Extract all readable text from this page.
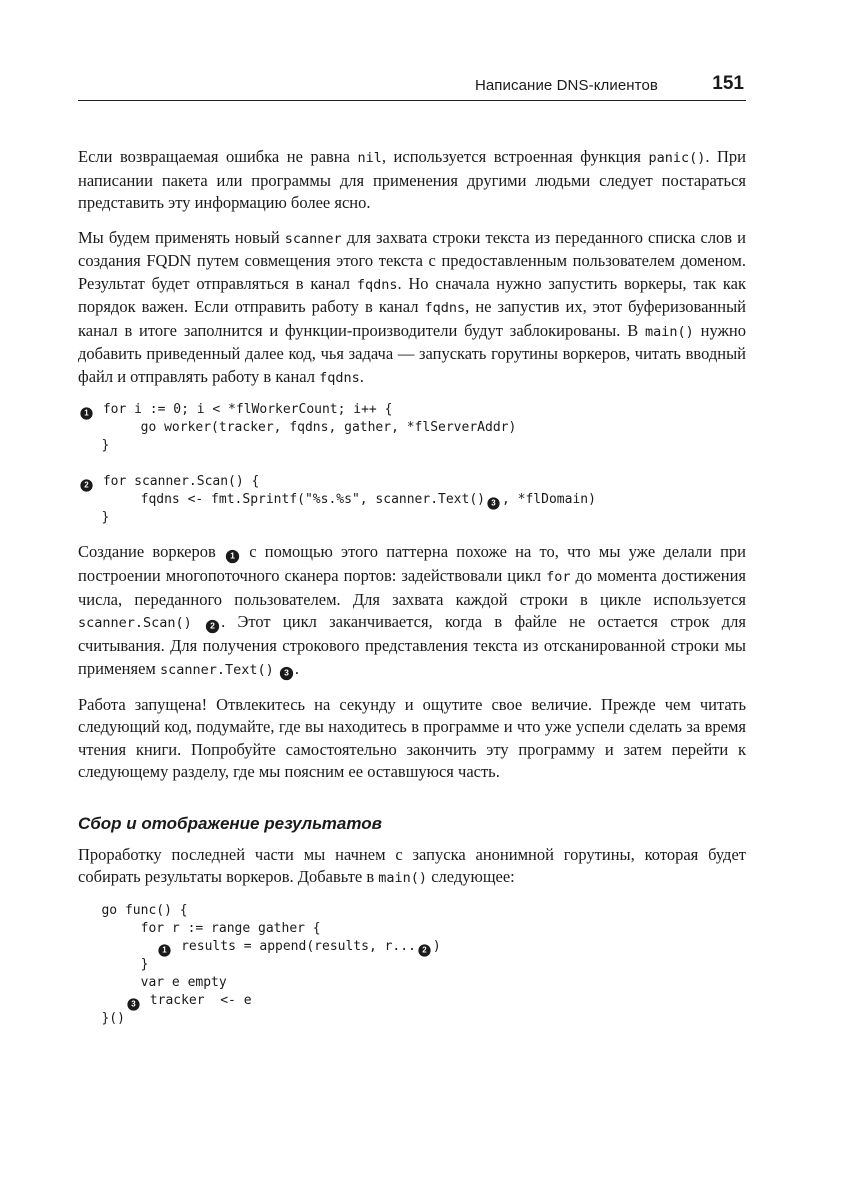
Написание DNS-клиентов	151

Если возвращаемая ошибка не равна nil, используется встроенная функция panic(). При написании пакета или программы для применения другими людьми следует постараться представить эту информацию более ясно.

Мы будем применять новый scanner для захвата строки текста из переданного списка слов и создания FQDN путем совмещения этого текста с предоставленным пользователем доменом. Результат будет отправляться в канал fqdns. Но сначала нужно запустить воркеры, так как порядок важен. Если отправить работу в канал fqdns, не запустив их, этот буферизованный канал в итоге заполнится и функции-производители будут заблокированы. В main() нужно добавить приведенный далее код, чья задача — запускать горутины воркеров, читать вводный файл и отправлять работу в канал fqdns.

1 for i := 0; i < *flWorkerCount; i++ {
go worker(tracker, fqdns, gather, *flServerAddr)
}
2 for scanner.Scan() {
fqdns <- fmt.Sprintf("%s.%s", scanner.Text() 3 , *flDomain)
}

Создание воркеров 1 с помощью этого паттерна похоже на то, что мы уже делали при построении многопоточного сканера портов: задействовали цикл for до момента достижения числа, переданного пользователем. Для захвата каждой строки в цикле используется scanner.Scan() 2 . Этот цикл заканчивается, когда в файле не остается строк для считывания. Для получения строкового представления текста из отсканированной строки мы применяем scanner.Text() 3 .

Работа запущена! Отвлекитесь на секунду и ощутите свое величие. Прежде чем читать следующий код, подумайте, где вы находитесь в программе и что уже успели сделать за время чтения книги. Попробуйте самостоятельно закончить эту программу и затем перейти к следующему разделу, где мы поясним ее оставшуюся часть.

Сбор и отображение результатов

Проработку последней части мы начнем с запуска анонимной горутины, которая будет собирать результаты воркеров. Добавьте в main() следующее:

go func() {
for r := range gather {
1 results = append(results, r... 2 )
}
var e empty
3 tracker  <- e
}()
